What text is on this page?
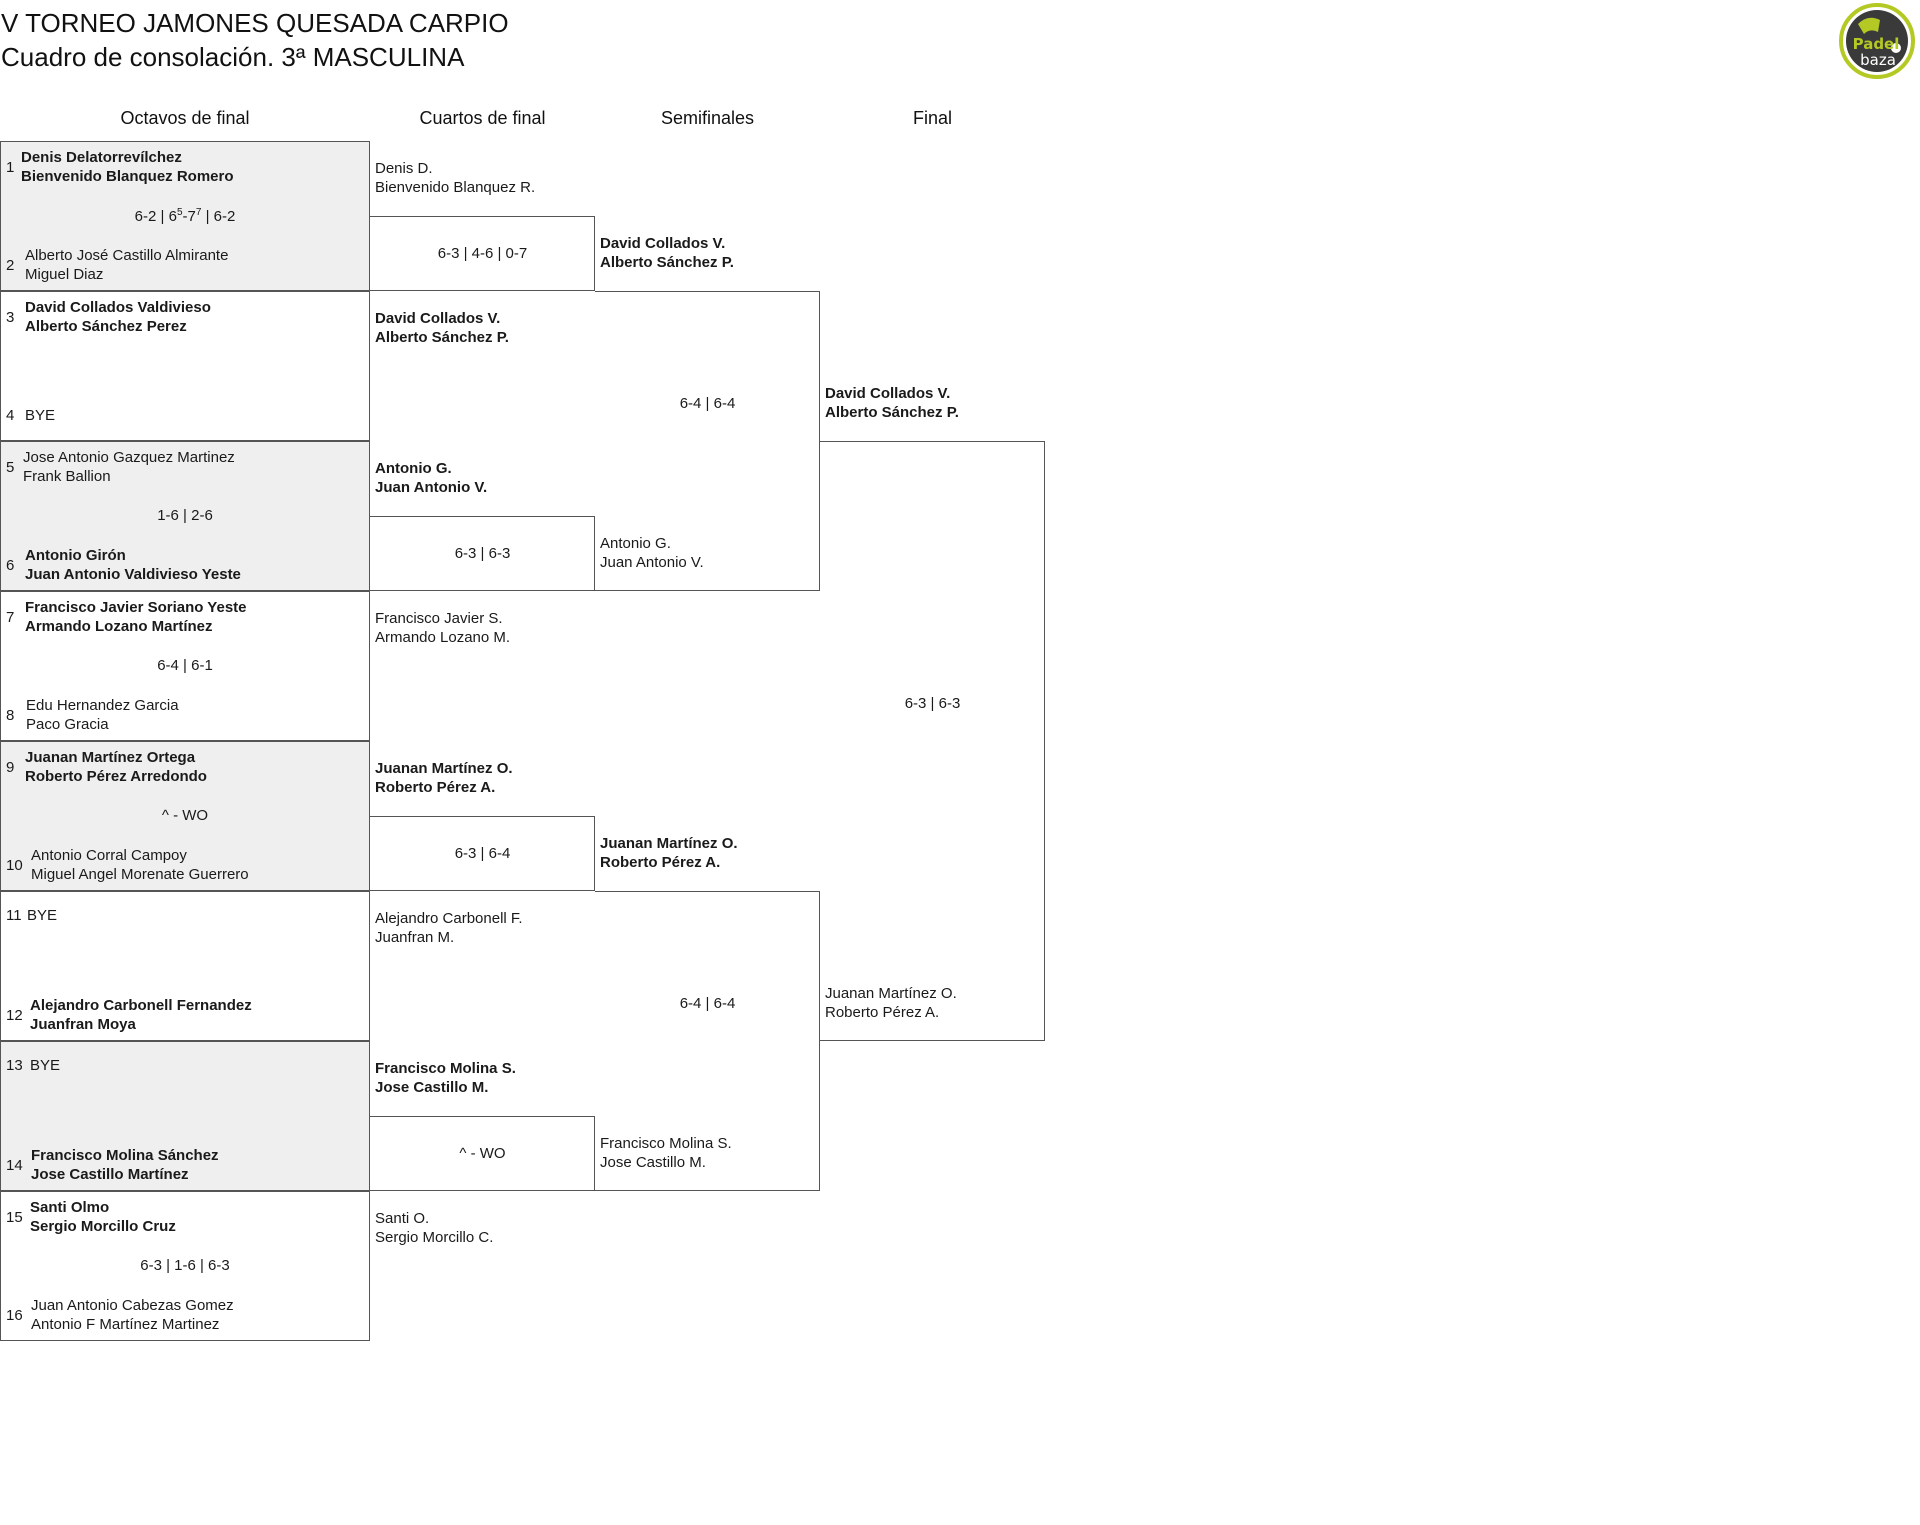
V TORNEO JAMONES QUESADA CARPIO
Cuadro de consolación. 3ª MASCULINA	Padel
baza
Octavos de final	Cuartos de final	Semifinales	Final
1
Denis Delatorrevílchez
Bienvenido Blanquez Romero
2
Alberto José Castillo Almirante
Miguel Diaz
3
David Collados Valdivieso
Alberto Sánchez Perez
4 BYE
5
Jose Antonio Gazquez Martinez
Frank Ballion
6
Antonio Girón
Juan Antonio Valdivieso Yeste
7
Francisco Javier Soriano Yeste
Armando Lozano Martínez
8
Edu Hernandez Garcia
Paco Gracia
9
Juanan Martínez Ortega
Roberto Pérez Arredondo
10
Antonio Corral Campoy
Miguel Angel Morenate Guerrero
11 BYE
12
Alejandro Carbonell Fernandez
Juanfran Moya
13 BYE
14
Francisco Molina Sánchez
Jose Castillo Martínez
15
Santi Olmo
Sergio Morcillo Cruz
16
Juan Antonio Cabezas Gomez
Antonio F Martínez Martinez
6-2 | $6^5-7^7$ | 6-2
1-6 | 2-6
6-4 | 6-1
^ - WO
6-3 | 1-6 | 6-3
Denis D.
Bienvenido Blanquez R.
David Collados V.
Alberto Sánchez P.
Antonio G.
Juan Antonio V.
Francisco Javier S.
Armando Lozano M.
Juanan Martínez O.
Roberto Pérez A.
Alejandro Carbonell F.
Juanfran M.
Francisco Molina S.
Jose Castillo M.
Santi O.
Sergio Morcillo C.
6-3 | 4-6 | 0-7
6-3 | 6-3
6-3 | 6-4
^ - WO
David Collados V.
Alberto Sánchez P.
Antonio G.
Juan Antonio V.
Juanan Martínez O.
Roberto Pérez A.
Francisco Molina S.
Jose Castillo M.
6-4 | 6-4
6-4 | 6-4
David Collados V.
Alberto Sánchez P.
Juanan Martínez O.
Roberto Pérez A.
6-3 | 6-3
